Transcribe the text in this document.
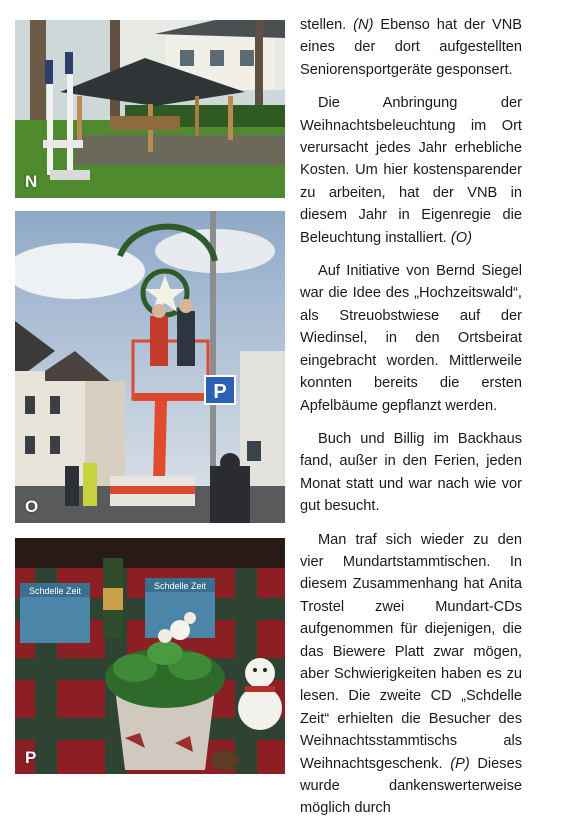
N
P
O
Schdelle Zeit	Schdelle Zeit
P

stellen. (N) Ebenso hat der VNB eines der dort aufgestellten Seniorensportgeräte gesponsert.

Die Anbringung der Weihnachtsbeleuchtung im Ort verursacht jedes Jahr erhebliche Kosten. Um hier kostensparender zu arbeiten, hat der VNB in diesem Jahr in Eigenregie die Beleuchtung installiert. (O)

Auf Initiative von Bernd Siegel war die Idee des „Hochzeitswald“, als Streuobstwiese auf der Wiedinsel, in den Ortsbeirat eingebracht worden. Mittlerweile konnten bereits die ersten Apfelbäume gepflanzt werden.

Buch und Billig im Backhaus fand, außer in den Ferien, jeden Monat statt und war nach wie vor gut besucht.

Man traf sich wieder zu den vier Mundartstammtischen. In diesem Zusammenhang hat Anita Trostel zwei Mundart-CDs aufgenommen für diejenigen, die das Biewere Platt zwar mögen, aber Schwierigkeiten haben es zu lesen. Die zweite CD „Schdelle Zeit“ erhielten die Besucher des Weihnachtsstammtischs als Weihnachtsgeschenk. (P) Dieses wurde dankenswerterweise möglich durch
